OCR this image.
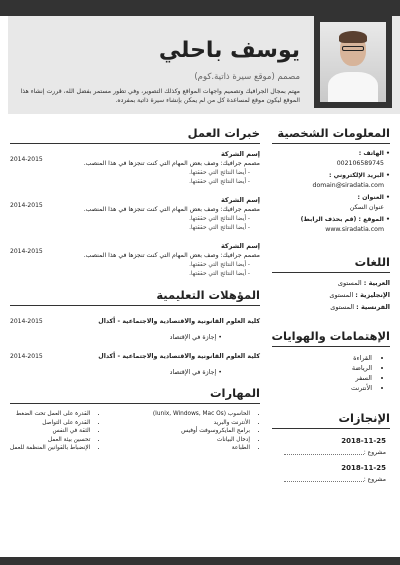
يوسف باحلي
مصمم (موقع سيرة ذاتية.كوم)
مهتم بمجال الجرافيك وتصميم واجهات المواقع وكذلك التصوير، وفي تطور مستمر بفضل الله، قررت إنشاء هذا الموقع ليكون موقع لمساعدة كل من لم يمكن بإنشاء سيرة ذاتية بمفرده.
المعلومات الشخصية
• الهاتف :
002106589745
• البريد الإلكتروني :
domain@siradatia.com
• العنوان :
عنوان السكن
• الموقع : (قم بحذف الرابط)
www.siradatia.com
اللغات
العربية : المستوى
الإنجليزية : المستوى
الفرنسية : المستوى
الإهتمامات والهوايات
• القراءة
• الرياضة
• السفر
• الأنترنت
الإنجازات
2018-11-25
مشروع :
2018-11-25
مشروع :
خبرات العمل
إسم الشركة
مصمم جرافيك: وصف بعض المهام التي كنت تنجزها في هذا المنصب.
- أيضا النتائج التي حققتها.
- أيضا النتائج التي حققتها.
2014-2015
إسم الشركة
مصمم جرافيك: وصف بعض المهام التي كنت تنجزها في هذا المنصب.
- أيضا النتائج التي حققتها.
- أيضا النتائج التي حققتها.
2014-2015
إسم الشركة
مصمم جرافيك: وصف بعض المهام التي كنت تنجزها في هذا المنصب.
- أيضا النتائج التي حققتها.
- أيضا النتائج التي حققتها.
2014-2015
المؤهلات التعليمية
كلية العلوم القانونية والاقتصادية والاجتماعية - أكدال
• إجازة في الإقتصاد
2014-2015
كلية العلوم القانونية والاقتصادية والاجتماعية - أكدال
• إجازة في الإقتصاد
2014-2015
المهارات
• الحاسوب (Iunix, Windows, Mac Os)
• الأنترنت والبريد
• برامج المايكروسوفت أوفيس
• إدخال البيانات
• الطباعة
• القدرة على العمل تحت الضغط
• القدرة على التواصل
• الثقة في النفس
• تحسين بيئة العمل
• الإنضباط بالقوانين المنظمة للعمل
